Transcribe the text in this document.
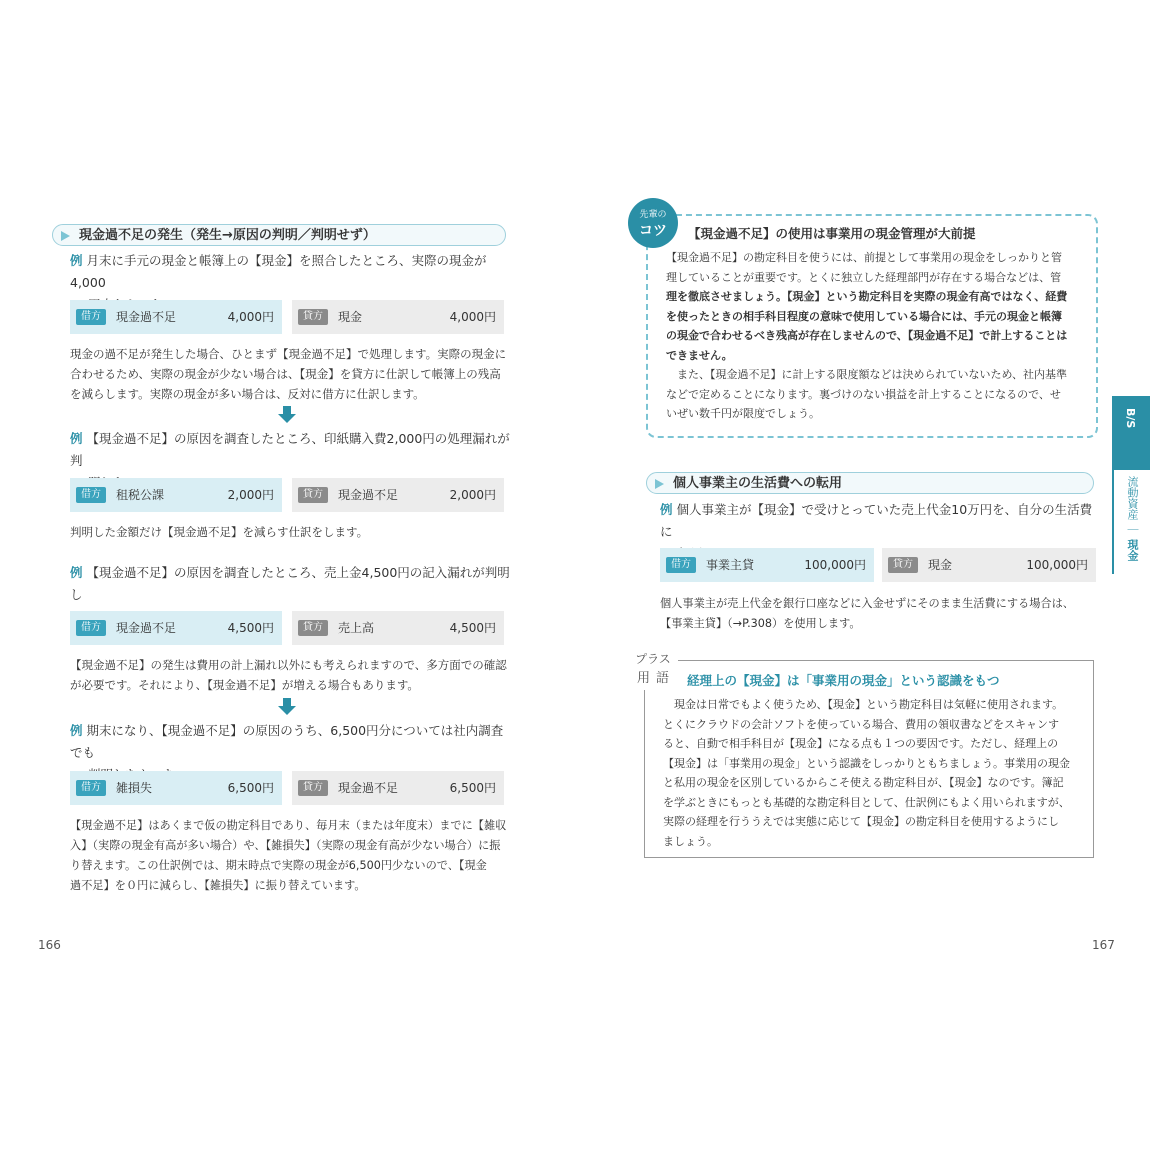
現金過不足の発生（発生→原因の判明／判明せず）
例 月末に手元の現金と帳簿上の【現金】を照合したところ、実際の現金が4,000
借方	現金過不足	4,000円	貸方	現金	4,000円
現金の過不足が発生した場合、ひとまず【現金過不足】で処理します。実際の現金に
合わせるため、実際の現金が少ない場合は、【現金】を貸方に仕訳して帳簿上の残高
を減らします。実際の現金が多い場合は、反対に借方に仕訳します。
例 【現金過不足】の原因を調査したところ、印紙購入費2,000円の処理漏れが判
借方	租税公課	2,000円	貸方	現金過不足	2,000円
判明した金額だけ【現金過不足】を減らす仕訳をします。
例 【現金過不足】の原因を調査したところ、売上金4,500円の記入漏れが判明し
借方	現金過不足	4,500円	貸方	売上高	4,500円
【現金過不足】の発生は費用の計上漏れ以外にも考えられますので、多方面での確認
が必要です。それにより、【現金過不足】が増える場合もあります。
例 期末になり、【現金過不足】の原因のうち、6,500円分については社内調査でも
借方	雑損失	6,500円	貸方	現金過不足	6,500円
【現金過不足】はあくまで仮の勘定科目であり、毎月末（または年度末）までに【雑収
入】（実際の現金有高が多い場合）や、【雑損失】（実際の現金有高が少ない場合）に振
り替えます。この仕訳例では、期末時点で実際の現金が6,500円少ないので、【現金
過不足】を０円に減らし、【雑損失】に振り替えています。
166
【現金過不足】の使用は事業用の現金管理が大前提
【現金過不足】の勘定科目を使うには、前提として事業用の現金をしっかりと管
理していることが重要です。とくに独立した経理部門が存在する場合などは、管
理を徹底させましょう。【現金】という勘定科目を実際の現金有高ではなく、経費
を使ったときの相手科目程度の意味で使用している場合には、手元の現金と帳簿
の現金で合わせるべき残高が存在しませんので、【現金過不足】で計上することは
できません。
　また、【現金過不足】に計上する限度額などは決められていないため、社内基準
などで定めることになります。裏づけのない損益を計上することになるので、せ
いぜい数千円が限度でしょう。
先輩の
コツ
個人事業主の生活費への転用
例 個人事業主が【現金】で受けとっていた売上代金10万円を、自分の生活費に
借方	事業主貸	100,000円	貸方	現金	100,000円
個人事業主が売上代金を銀行口座などに入金せずにそのまま生活費にする場合は、
【事業主貸】（→P.308）を使用します。
経理上の【現金】は「事業用の現金」という認識をもつ
　現金は日常でもよく使うため、【現金】という勘定科目は気軽に使用されます。
とくにクラウドの会計ソフトを使っている場合、費用の領収書などをスキャンす
ると、自動で相手科目が【現金】になる点も１つの要因です。ただし、経理上の
【現金】は「事業用の現金」という認識をしっかりともちましょう。事業用の現金
と私用の現金を区別しているからこそ使える勘定科目が、【現金】なのです。簿記
を学ぶときにもっとも基礎的な勘定科目として、仕訳例にもよく用いられますが、
実際の経理を行ううえでは実態に応じて【現金】の勘定科目を使用するようにし
ましょう。
プラス
用 語
B/S
流動資産｜現金
167
